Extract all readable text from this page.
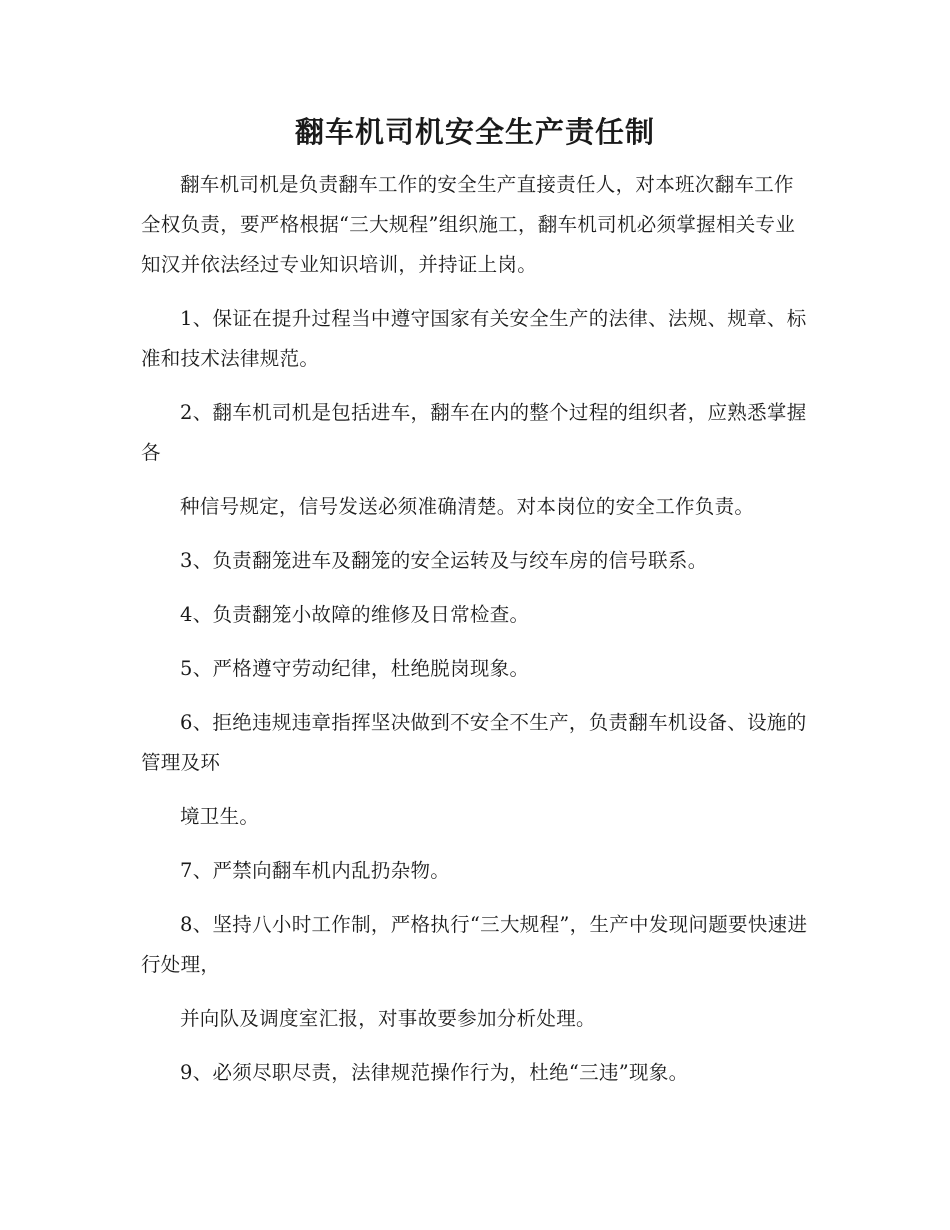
翻车机司机安全生产责任制

翻车机司机是负责翻车工作的安全生产直接责任人，对本班次翻车工作全权负责，要严格根据“三大规程”组织施工，翻车机司机必须掌握相关专业知汉并依法经过专业知识培训，并持证上岗。

1、保证在提升过程当中遵守国家有关安全生产的法律、法规、规章、标准和技术法律规范。

2、翻车机司机是包括进车，翻车在内的整个过程的组织者，应熟悉掌握各

种信号规定，信号发送必须准确清楚。对本岗位的安全工作负责。

3、负责翻笼进车及翻笼的安全运转及与绞车房的信号联系。

4、负责翻笼小故障的维修及日常检查。

5、严格遵守劳动纪律，杜绝脱岗现象。

6、拒绝违规违章指挥坚决做到不安全不生产，负责翻车机设备、设施的管理及环

境卫生。

7、严禁向翻车机内乱扔杂物。

8、坚持八小时工作制，严格执行“三大规程”，生产中发现问题要快速进行处理，

并向队及调度室汇报，对事故要参加分析处理。

9、必须尽职尽责，法律规范操作行为，杜绝“三违”现象。
